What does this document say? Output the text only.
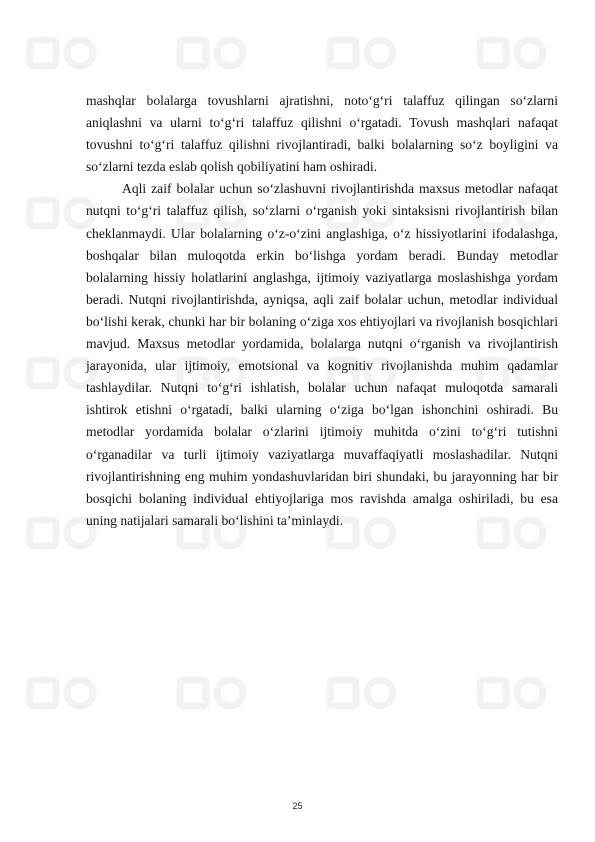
mashqlar bolalarga tovushlarni ajratishni, noto‘g‘ri talaffuz qilingan so‘zlarni aniqlashni va ularni to‘g‘ri talaffuz qilishni o‘rgatadi. Tovush mashqlari nafaqat tovushni to‘g‘ri talaffuz qilishni rivojlantiradi, balki bolalarning so‘z boyligini va so‘zlarni tezda eslab qolish qobiliyatini ham oshiradi.

Aqli zaif bolalar uchun so‘zlashuvni rivojlantirishda maxsus metodlar nafaqat nutqni to‘g‘ri talaffuz qilish, so‘zlarni o‘rganish yoki sintaksisni rivojlantirish bilan cheklanmaydi. Ular bolalarning o‘z-o‘zini anglashiga, o‘z hissiyotlarini ifodalashga, boshqalar bilan muloqotda erkin bo‘lishga yordam beradi. Bunday metodlar bolalarning hissiy holatlarini anglashga, ijtimoiy vaziyatlarga moslashishga yordam beradi. Nutqni rivojlantirishda, ayniqsa, aqli zaif bolalar uchun, metodlar individual bo‘lishi kerak, chunki har bir bolaning o‘ziga xos ehtiyojlari va rivojlanish bosqichlari mavjud. Maxsus metodlar yordamida, bolalarga nutqni o‘rganish va rivojlantirish jarayonida, ular ijtimoiy, emotsional va kognitiv rivojlanishda muhim qadamlar tashlaydilar. Nutqni to‘g‘ri ishlatish, bolalar uchun nafaqat muloqotda samarali ishtirok etishni o‘rgatadi, balki ularning o‘ziga bo‘lgan ishonchini oshiradi. Bu metodlar yordamida bolalar o‘zlarini ijtimoiy muhitda o‘zini to‘g‘ri tutishni o‘rganadilar va turli ijtimoiy vaziyatlarga muvaffaqiyatli moslashadilar. Nutqni rivojlantirishning eng muhim yondashuvlaridan biri shundaki, bu jarayonning har bir bosqichi bolaning individual ehtiyojlariga mos ravishda amalga oshiriladi, bu esa uning natijalari samarali bo‘lishini ta’minlaydi.

25
